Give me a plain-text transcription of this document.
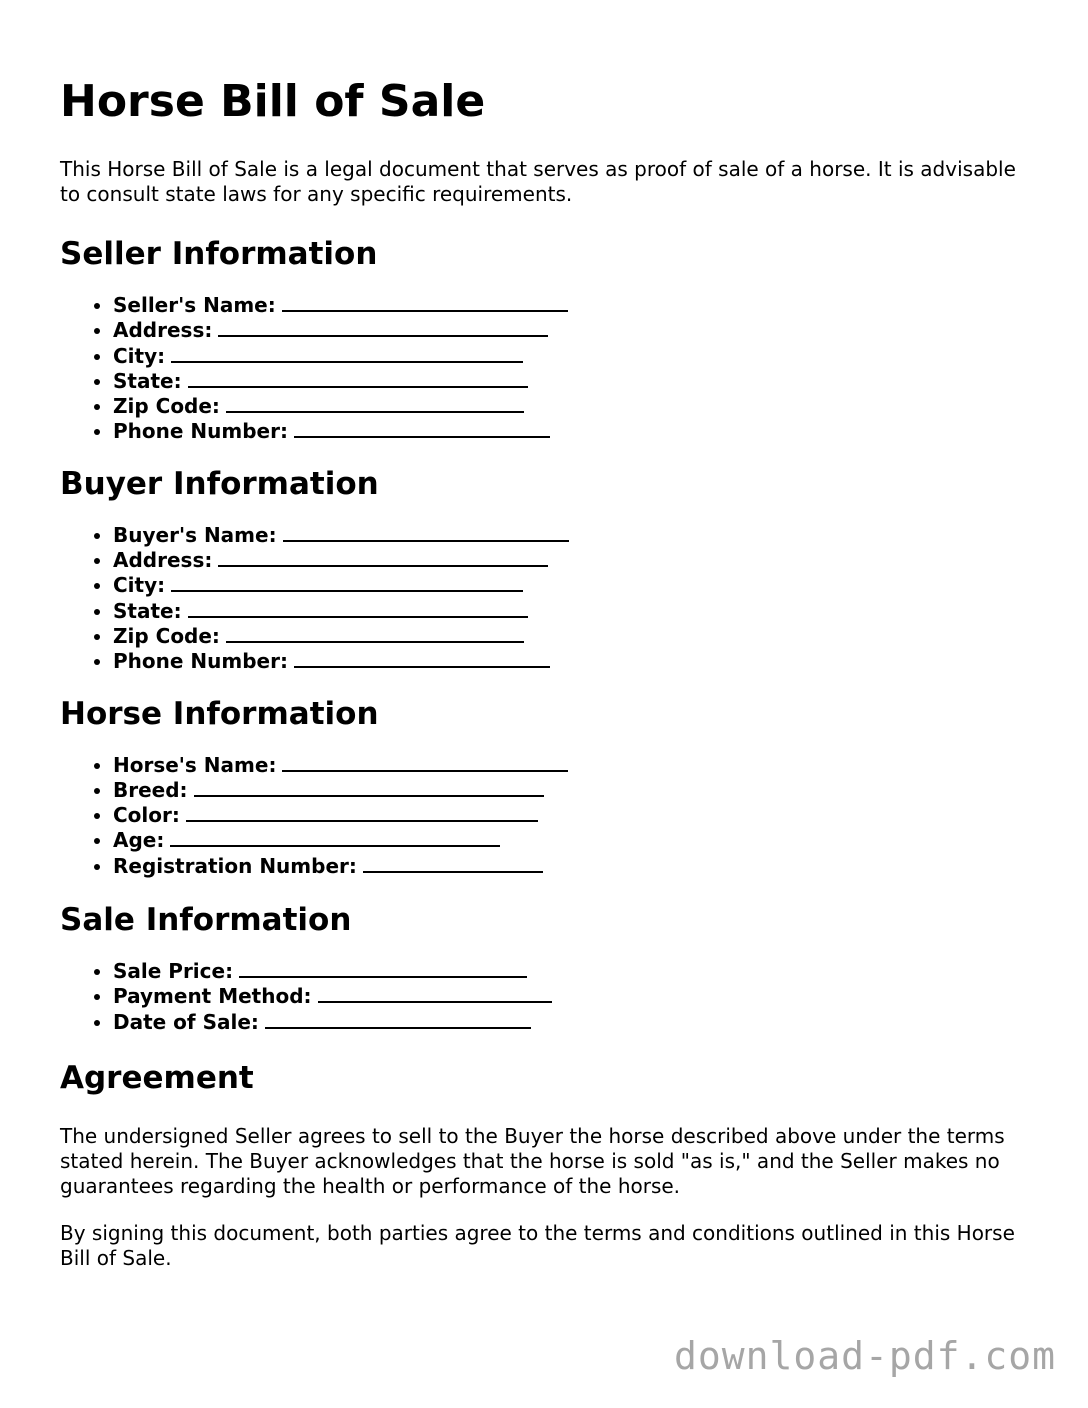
Horse Bill of Sale

This Horse Bill of Sale is a legal document that serves as proof of sale of a horse. It is advisable to consult state laws for any specific requirements.

Seller Information
• Seller's Name:
• Address:
• City:
• State:
• Zip Code:
• Phone Number:
Buyer Information
• Buyer's Name:
• Address:
• City:
• State:
• Zip Code:
• Phone Number:
Horse Information
• Horse's Name:
• Breed:
• Color:
• Age:
• Registration Number:
Sale Information
• Sale Price:
• Payment Method:
• Date of Sale:
Agreement

The undersigned Seller agrees to sell to the Buyer the horse described above under the terms stated herein. The Buyer acknowledges that the horse is sold "as is," and the Seller makes no guarantees regarding the health or performance of the horse.

By signing this document, both parties agree to the terms and conditions outlined in this Horse Bill of Sale.

download-pdf.com
